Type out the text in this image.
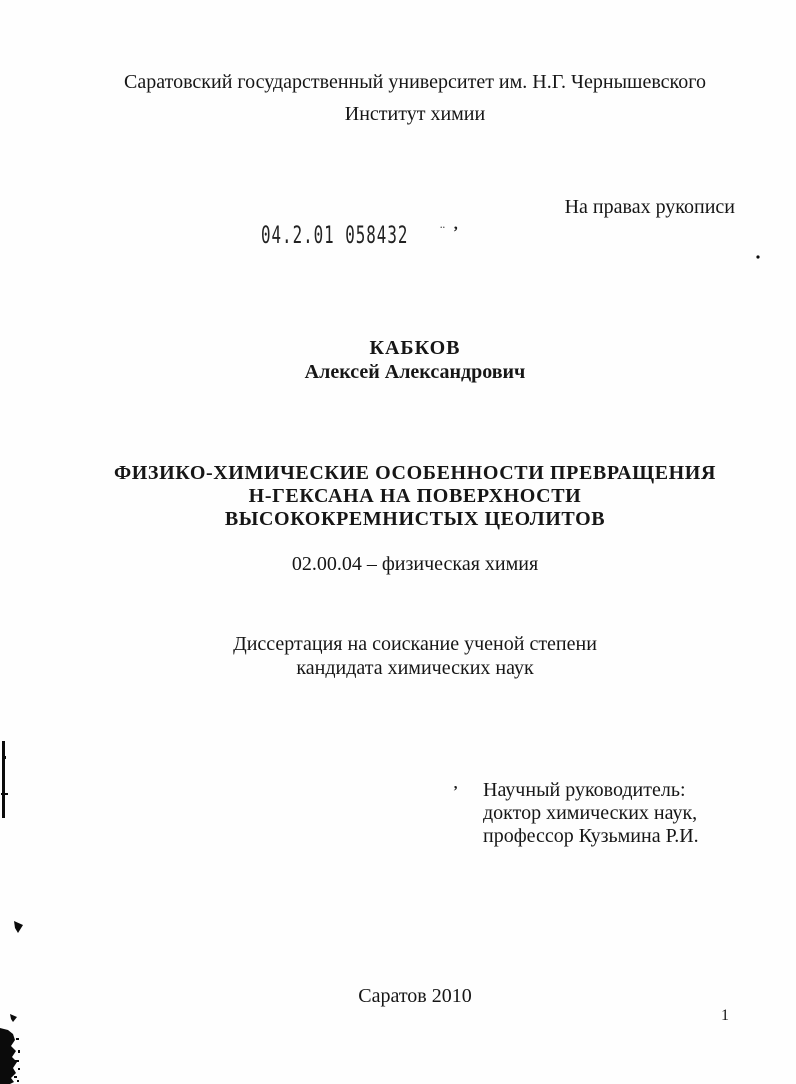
Саратовский государственный университет им. Н.Г. Чернышевского
Институт химии
На правах рукописи
04.2.01 058432 ¨ ʼ
КАБКОВ
Алексей Александрович
ФИЗИКО-ХИМИЧЕСКИЕ ОСОБЕННОСТИ ПРЕВРАЩЕНИЯ
Н-ГЕКСАНА НА ПОВЕРХНОСТИ
ВЫСОКОКРЕМНИСТЫХ ЦЕОЛИТОВ
02.00.04 – физическая химия
Диссертация на соискание ученой степени
кандидата химических наук
ʼ Научный руководитель:
доктор химических наук,
профессор Кузьмина Р.И.
Саратов 2010
1
